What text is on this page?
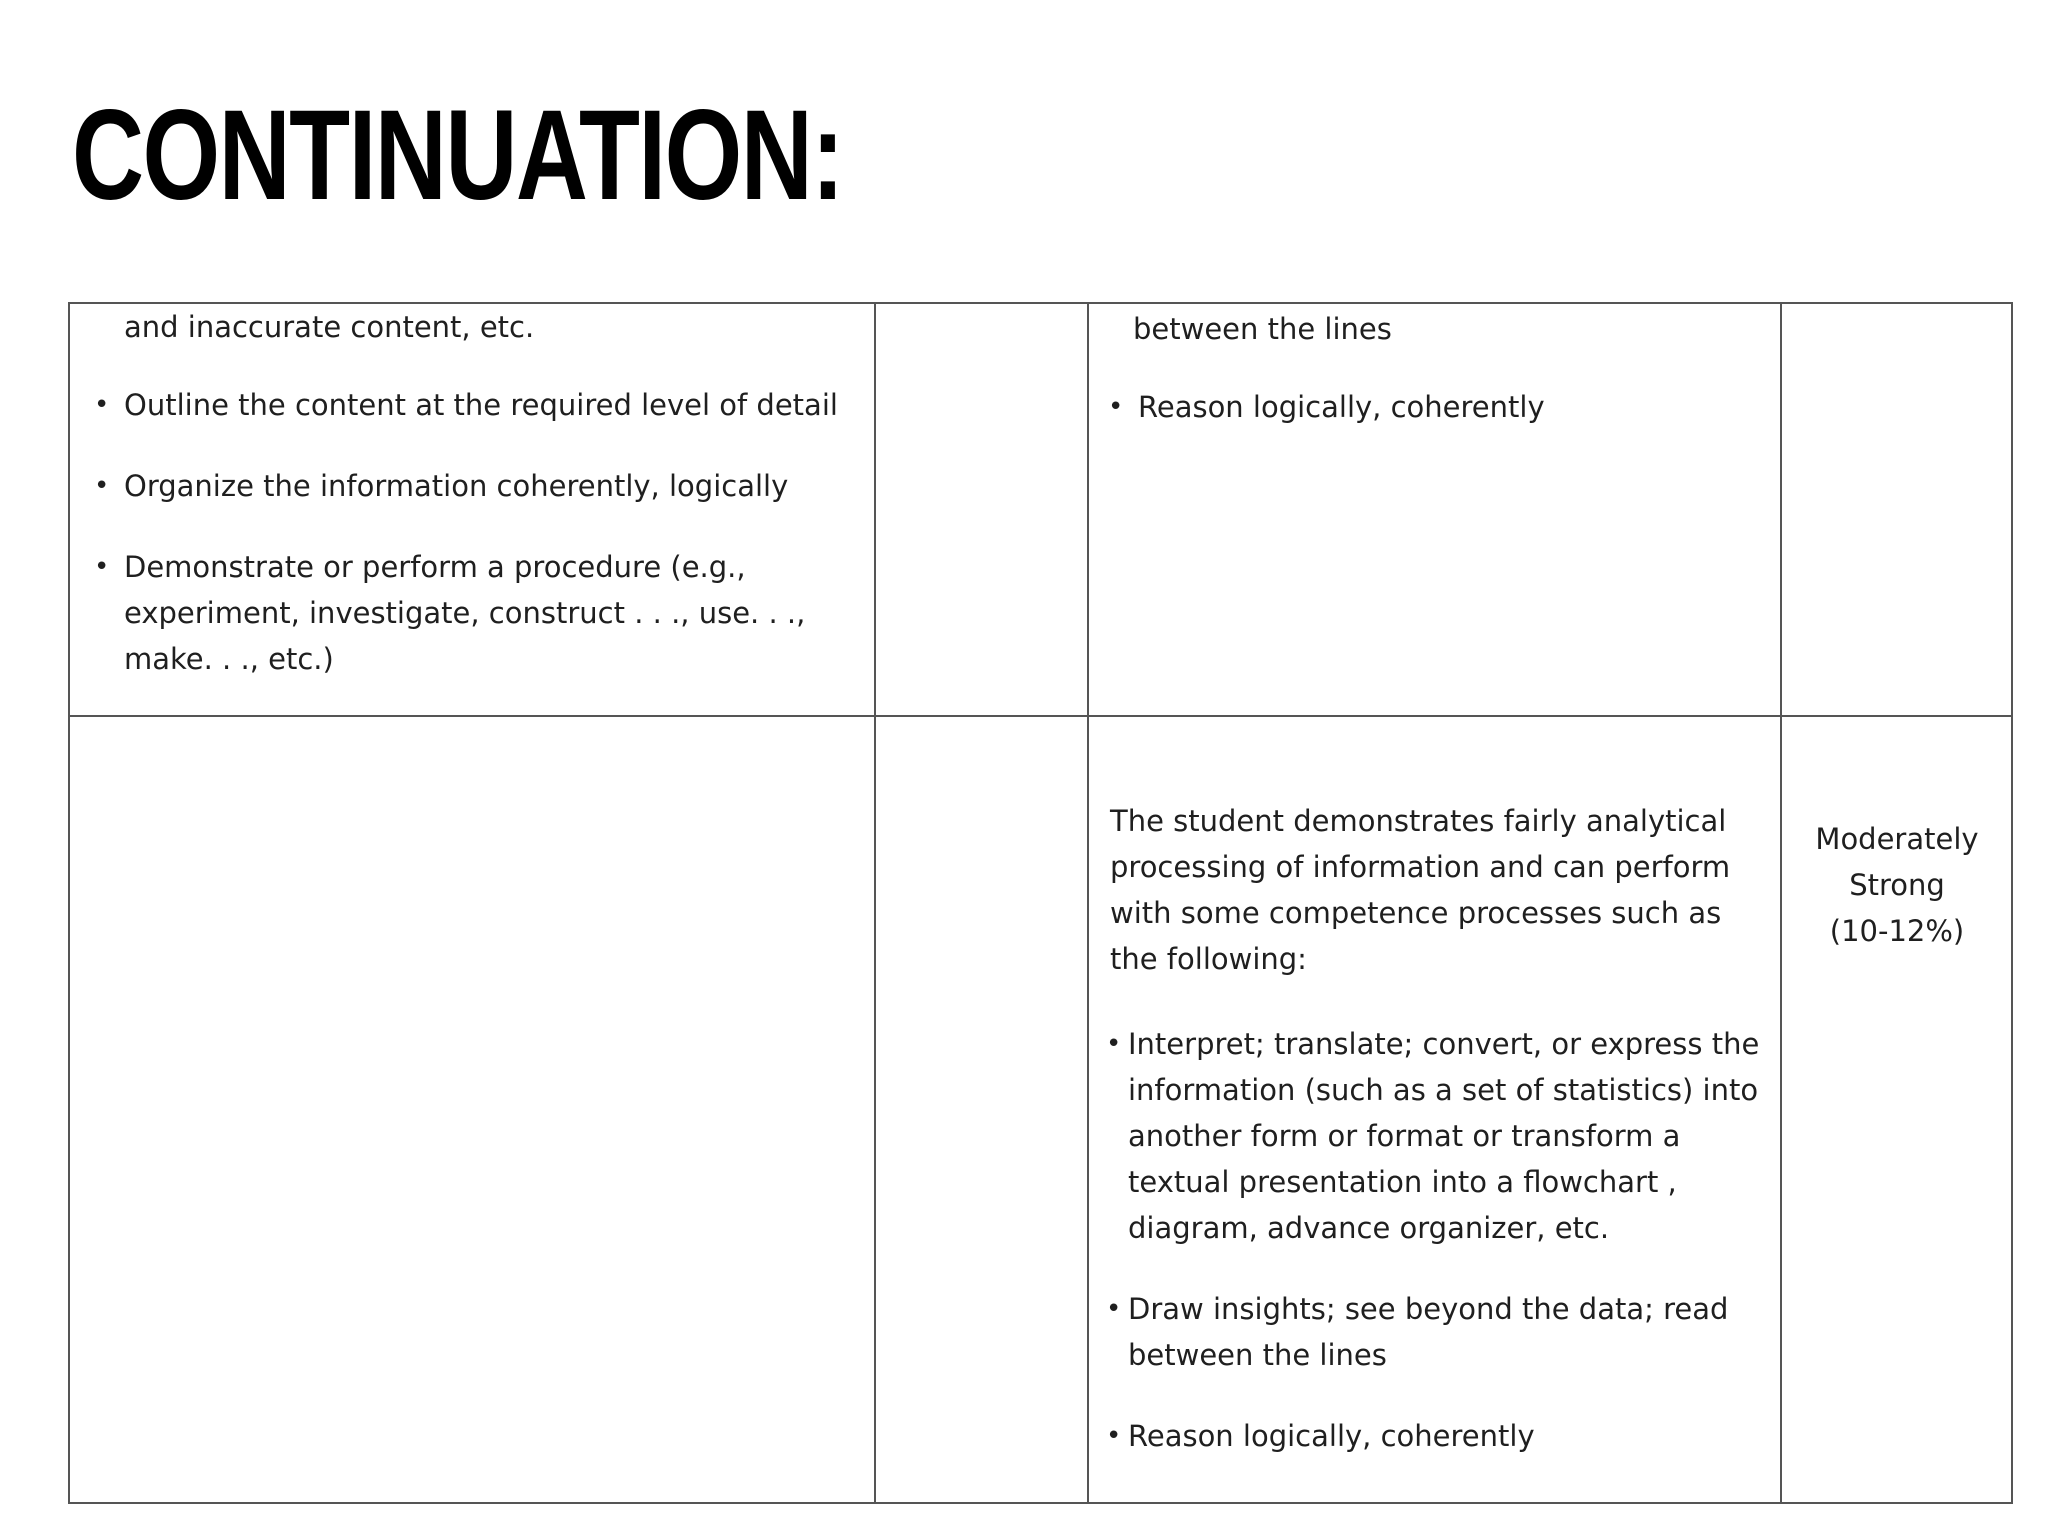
CONTINUATION:
and inaccurate content, etc.
• Outline the content at the required level of detail
• Organize the information coherently, logically
• Demonstrate or perform a procedure (e.g., experiment, investigate, construct . . ., use. . ., make. . ., etc.)
between the lines
• Reason logically, coherently
The student demonstrates fairly analytical processing of information and can perform with some competence processes such as the following:
• Interpret; translate; convert, or express the information (such as a set of statistics) into another form or format or transform a textual presentation into a flowchart , diagram, advance organizer, etc.
• Draw insights; see beyond the data; read between the lines
• Reason logically, coherently
Moderately
Strong
(10-12%)
